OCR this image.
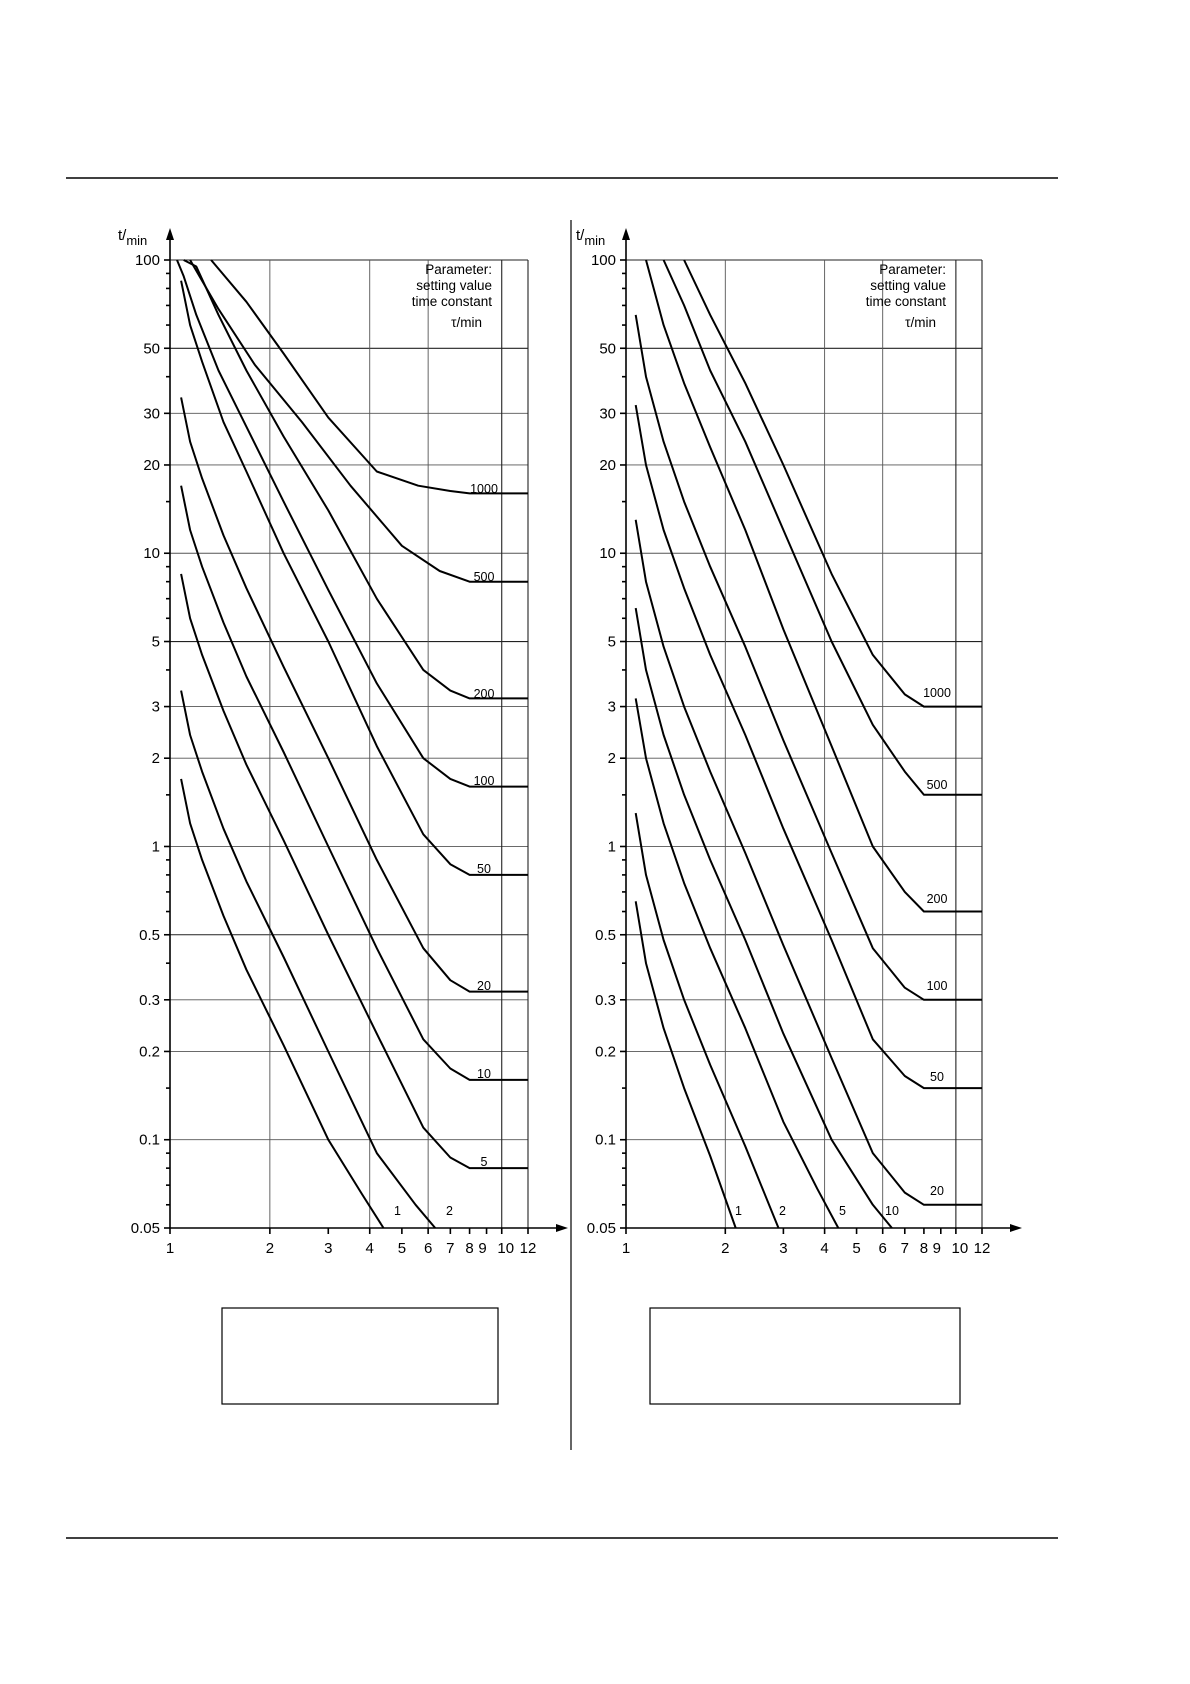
100
50
30
20
10
5
3
2
1
0.5
0.3
0.2
0.1
0.05
1	2	3 4 5 6 7 8 9 10 12
t/min
Parameter:
setting value
time constant
τ/min
1000
500
200
100
50
20
10
5
2
1
100
50
30
20
10
5
3
2
1
0.5
0.3
0.2
0.1
0.05
1	2	3 4 5 6 7 8 9 10 12
t/min
Parameter:
setting value
time constant
τ/min
1000
500
200
100
50
20
10
5
2
1
